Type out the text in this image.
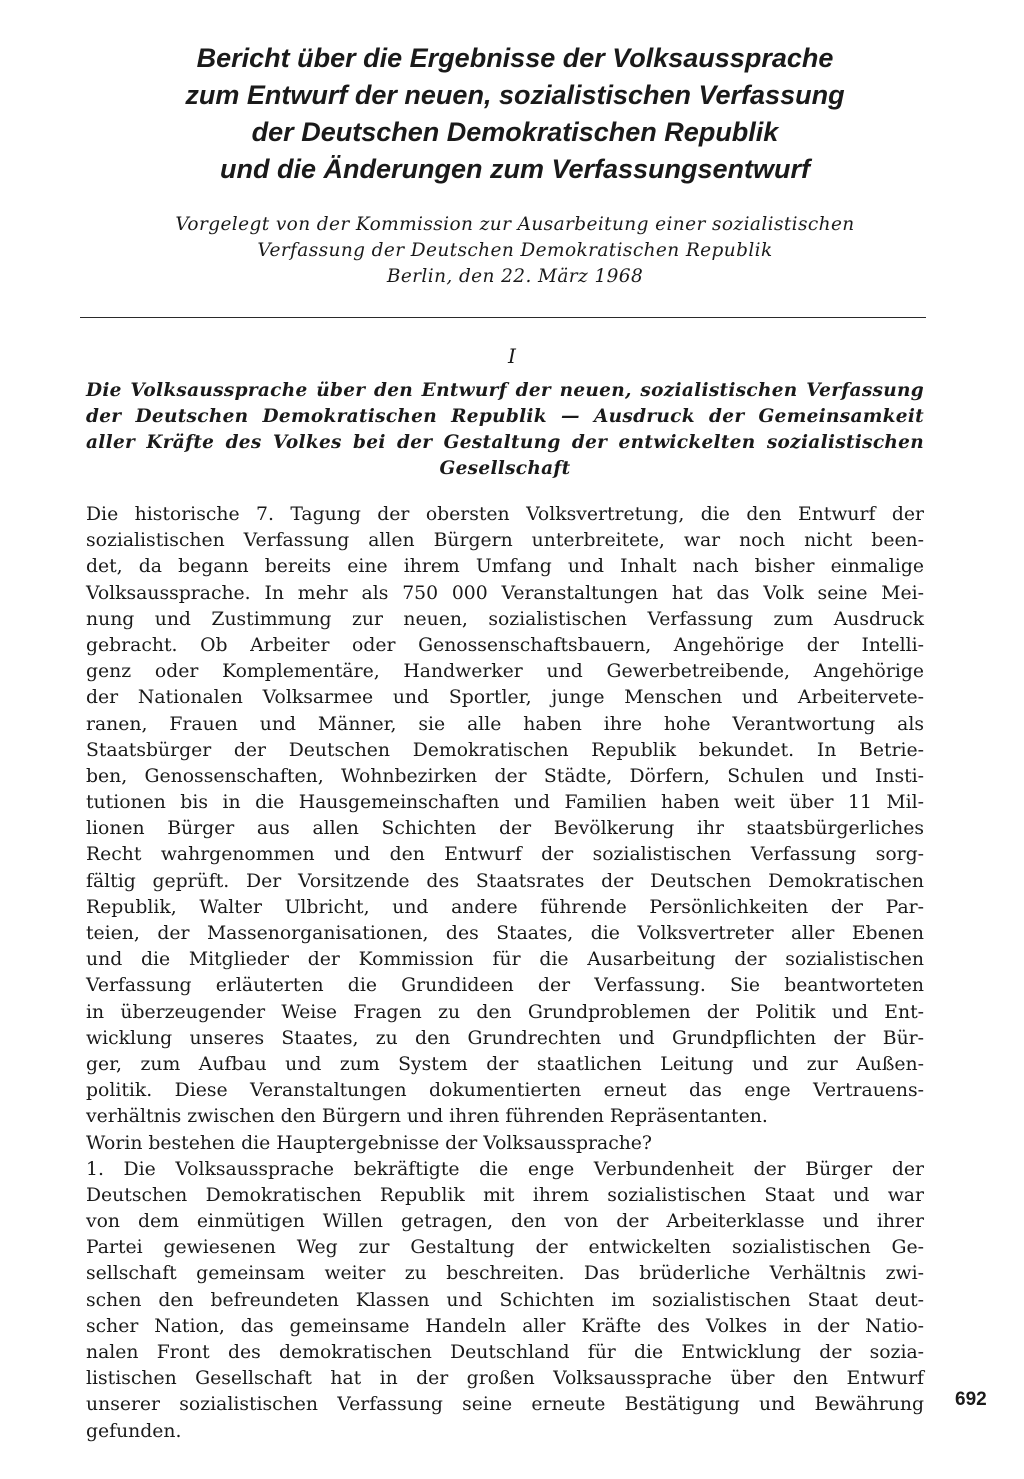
Bericht über die Ergebnisse der Volksaussprache
zum Entwurf der neuen, sozialistischen Verfassung
der Deutschen Demokratischen Republik
und die Änderungen zum Verfassungsentwurf

Vorgelegt von der Kommission zur Ausarbeitung einer sozialistischen
Verfassung der Deutschen Demokratischen Republik
Berlin, den 22. März 1968

I

Die Volksaussprache über den Entwurf der neuen, sozialistischen Verfassung
der Deutschen Demokratischen Republik — Ausdruck der Gemeinsamkeit
aller Kräfte des Volkes bei der Gestaltung der entwickelten sozialistischen
Gesellschaft
Die historische 7. Tagung der obersten Volksvertretung, die den Entwurf der
sozialistischen Verfassung allen Bürgern unterbreitete, war noch nicht been-
det, da begann bereits eine ihrem Umfang und Inhalt nach bisher einmalige
Volksaussprache. In mehr als 750 000 Veranstaltungen hat das Volk seine Mei-
nung und Zustimmung zur neuen, sozialistischen Verfassung zum Ausdruck
gebracht. Ob Arbeiter oder Genossenschaftsbauern, Angehörige der Intelli-
genz oder Komplementäre, Handwerker und Gewerbetreibende, Angehörige
der Nationalen Volksarmee und Sportler, junge Menschen und Arbeitervete-
ranen, Frauen und Männer, sie alle haben ihre hohe Verantwortung als
Staatsbürger der Deutschen Demokratischen Republik bekundet. In Betrie-
ben, Genossenschaften, Wohnbezirken der Städte, Dörfern, Schulen und Insti-
tutionen bis in die Hausgemeinschaften und Familien haben weit über 11 Mil-
lionen Bürger aus allen Schichten der Bevölkerung ihr staatsbürgerliches
Recht wahrgenommen und den Entwurf der sozialistischen Verfassung sorg-
fältig geprüft. Der Vorsitzende des Staatsrates der Deutschen Demokratischen
Republik, Walter Ulbricht, und andere führende Persönlichkeiten der Par-
teien, der Massenorganisationen, des Staates, die Volksvertreter aller Ebenen
und die Mitglieder der Kommission für die Ausarbeitung der sozialistischen
Verfassung erläuterten die Grundideen der Verfassung. Sie beantworteten
in überzeugender Weise Fragen zu den Grundproblemen der Politik und Ent-
wicklung unseres Staates, zu den Grundrechten und Grundpflichten der Bür-
ger, zum Aufbau und zum System der staatlichen Leitung und zur Außen-
politik. Diese Veranstaltungen dokumentierten erneut das enge Vertrauens-
verhältnis zwischen den Bürgern und ihren führenden Repräsentanten.
Worin bestehen die Hauptergebnisse der Volksaussprache?
1. Die Volksaussprache bekräftigte die enge Verbundenheit der Bürger der
Deutschen Demokratischen Republik mit ihrem sozialistischen Staat und war
von dem einmütigen Willen getragen, den von der Arbeiterklasse und ihrer
Partei gewiesenen Weg zur Gestaltung der entwickelten sozialistischen Ge-
sellschaft gemeinsam weiter zu beschreiten. Das brüderliche Verhältnis zwi-
schen den befreundeten Klassen und Schichten im sozialistischen Staat deut-
scher Nation, das gemeinsame Handeln aller Kräfte des Volkes in der Natio-
nalen Front des demokratischen Deutschland für die Entwicklung der sozia-
listischen Gesellschaft hat in der großen Volksaussprache über den Entwurf
unserer sozialistischen Verfassung seine erneute Bestätigung und Bewährung
gefunden.

692
